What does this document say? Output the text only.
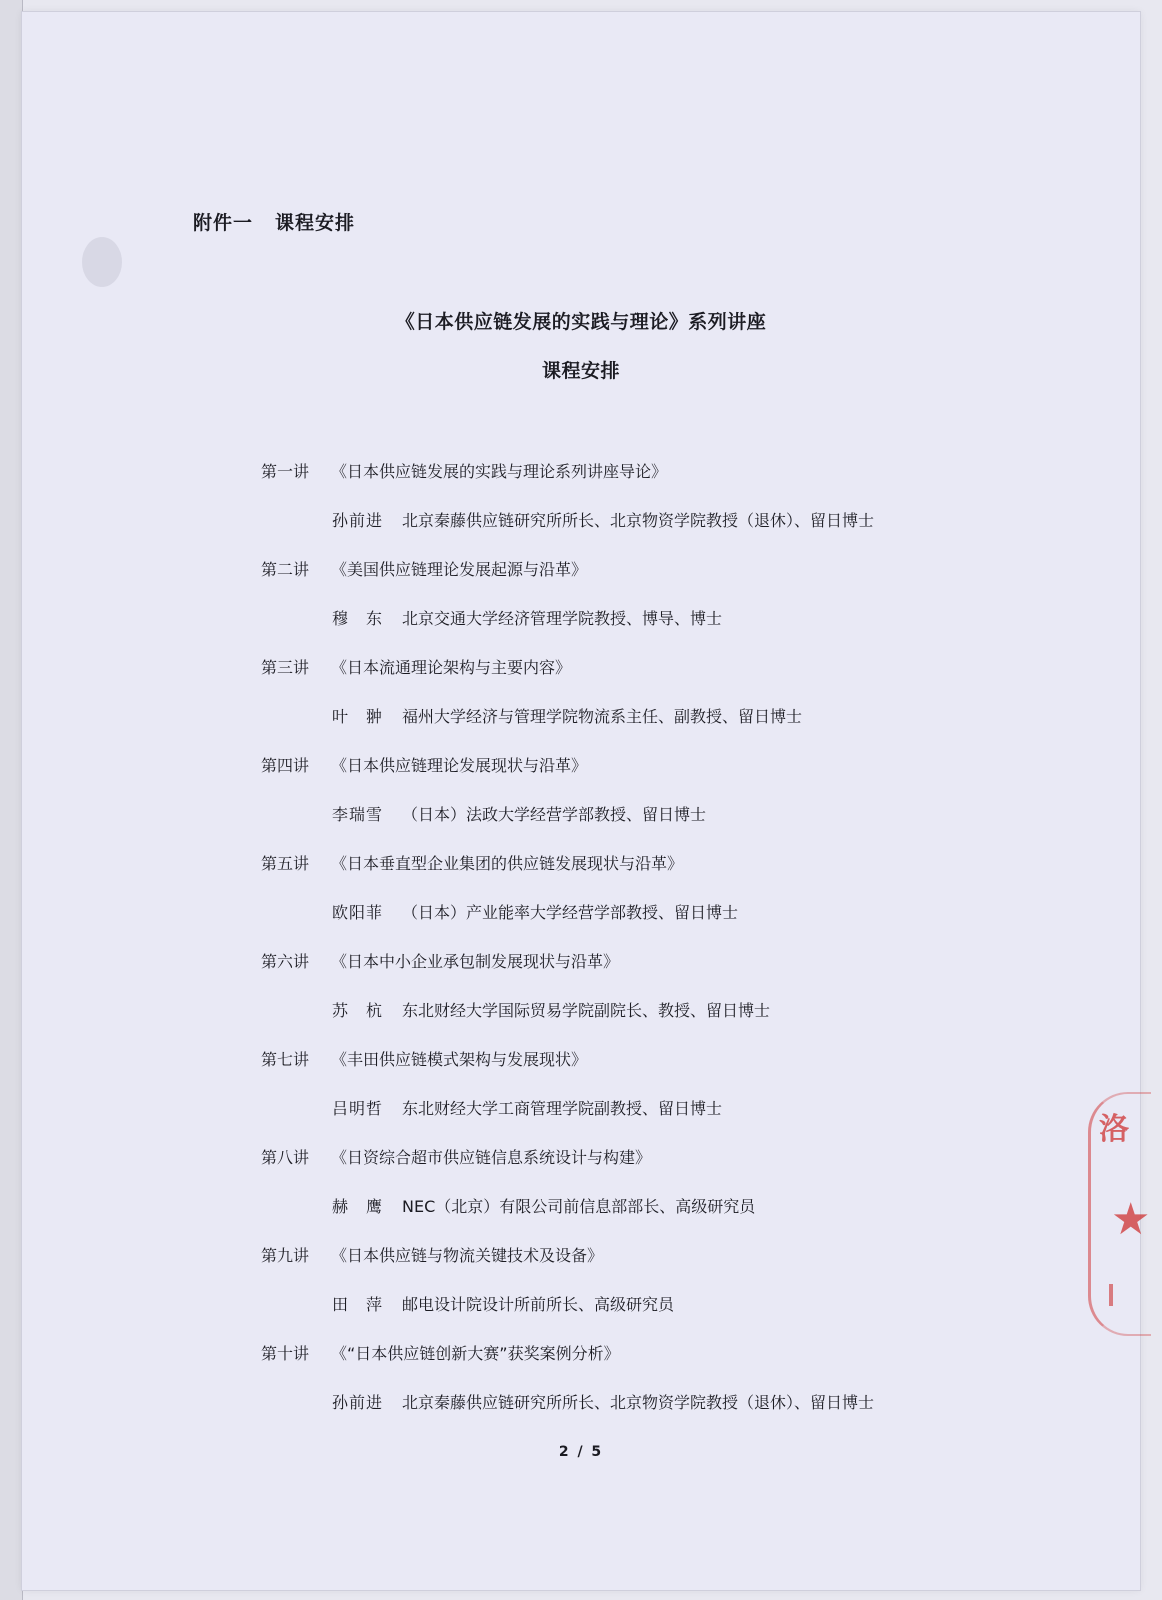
附件一 课程安排
《日本供应链发展的实践与理论》系列讲座
课程安排
第一讲 《日本供应链发展的实践与理论系列讲座导论》
孙前进 北京秦藤供应链研究所所长、北京物资学院教授（退休）、留日博士
第二讲 《美国供应链理论发展起源与沿革》
穆　东 北京交通大学经济管理学院教授、博导、博士
第三讲 《日本流通理论架构与主要内容》
叶　翀 福州大学经济与管理学院物流系主任、副教授、留日博士
第四讲 《日本供应链理论发展现状与沿革》
李瑞雪 （日本）法政大学经营学部教授、留日博士
第五讲 《日本垂直型企业集团的供应链发展现状与沿革》
欧阳菲 （日本）产业能率大学经营学部教授、留日博士
第六讲 《日本中小企业承包制发展现状与沿革》
苏　杭 东北财经大学国际贸易学院副院长、教授、留日博士
第七讲 《丰田供应链模式架构与发展现状》
吕明哲 东北财经大学工商管理学院副教授、留日博士
第八讲 《日资综合超市供应链信息系统设计与构建》
赫　鹰 NEC（北京）有限公司前信息部部长、高级研究员
第九讲 《日本供应链与物流关键技术及设备》
田　萍 邮电设计院设计所前所长、高级研究员
第十讲 《“日本供应链创新大赛”获奖案例分析》
孙前进 北京秦藤供应链研究所所长、北京物资学院教授（退休）、留日博士
2 / 5
洛
★
